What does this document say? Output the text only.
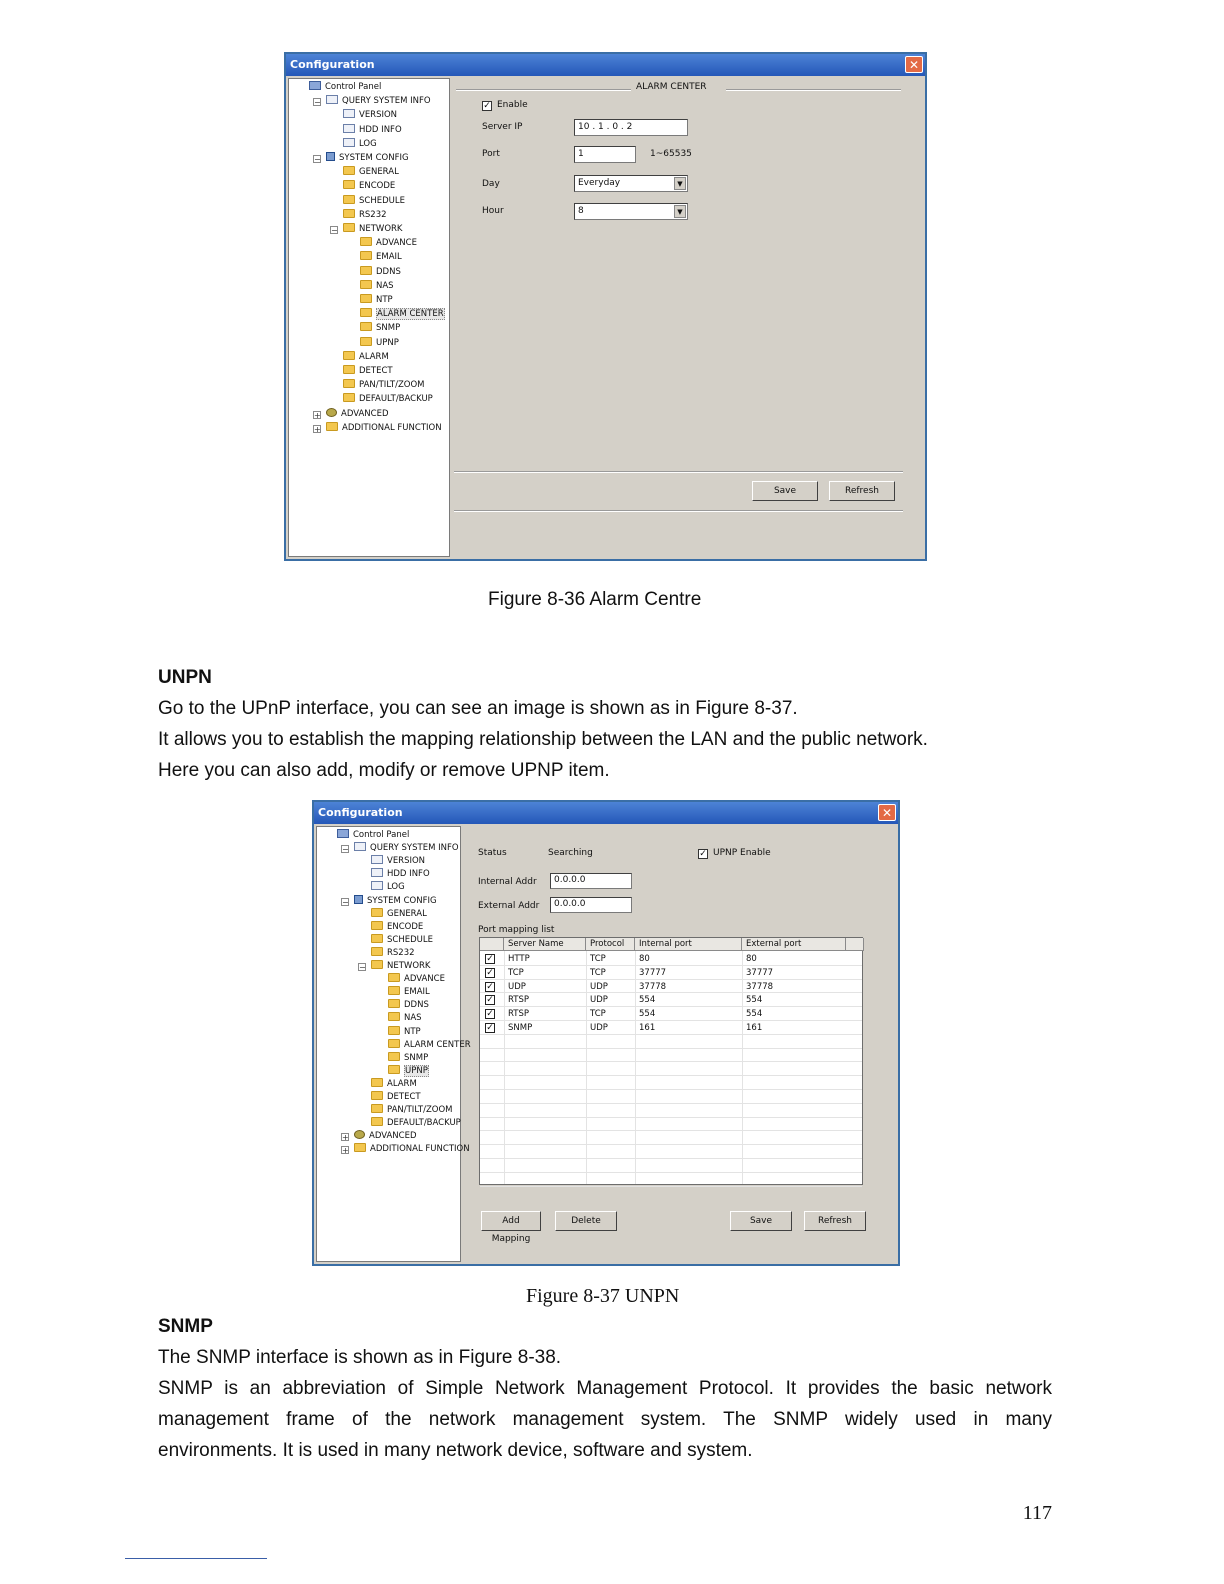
Configuration	✕
Control Panel
−	QUERY SYSTEM INFO
VERSION
HDD INFO
LOG
−	SYSTEM CONFIG
GENERAL
ENCODE
SCHEDULE
RS232
−	NETWORK
ADVANCE
EMAIL
DDNS
NAS
NTP
ALARM CENTER
SNMP
UPNP
ALARM
DETECT
PAN/TILT/ZOOM
DEFAULT/BACKUP
+	ADVANCED
+	ADDITIONAL FUNCTION
ALARM CENTER
✓ Enable
Server IP	10 . 1 . 0 . 2
Port	1	1~65535
Day	Everyday	▼
Hour	8	▼
Save	Refresh
Figure 8-36 Alarm Centre
UNPN
Go to the UPnP interface, you can see an image is shown as in Figure 8-37.
It allows you to establish the mapping relationship between the LAN and the public network.
Here you can also add, modify or remove UPNP item.
Configuration	✕
Control Panel
−	QUERY SYSTEM INFO
VERSION
HDD INFO
LOG
−	SYSTEM CONFIG
GENERAL
ENCODE
SCHEDULE
RS232
−	NETWORK
ADVANCE
EMAIL
DDNS
NAS
NTP
ALARM CENTER
SNMP
UPNP
ALARM
DETECT
PAN/TILT/ZOOM
DEFAULT/BACKUP
+	ADVANCED
+	ADDITIONAL FUNCTION
Status	Searching	✓ UPNP Enable
Internal Addr	0.0.0.0
External Addr	0.0.0.0
Port mapping list
Server Name	Protocol	Internal port	External port
✓ HTTP	TCP	80	80
✓ TCP	TCP	37777	37777
✓ UDP	UDP	37778	37778
✓ RTSP	UDP	554	554
✓ RTSP	TCP	554	554
✓ SNMP	UDP	161	161
Add Mapping
Delete	Save	Refresh
Figure 8-37 UNPN
SNMP
The SNMP interface is shown as in Figure 8-38.
SNMP is an abbreviation of Simple Network Management Protocol. It provides the basic network
management frame of the network management system. The SNMP widely used in many
environments. It is used in many network device, software and system.
117
